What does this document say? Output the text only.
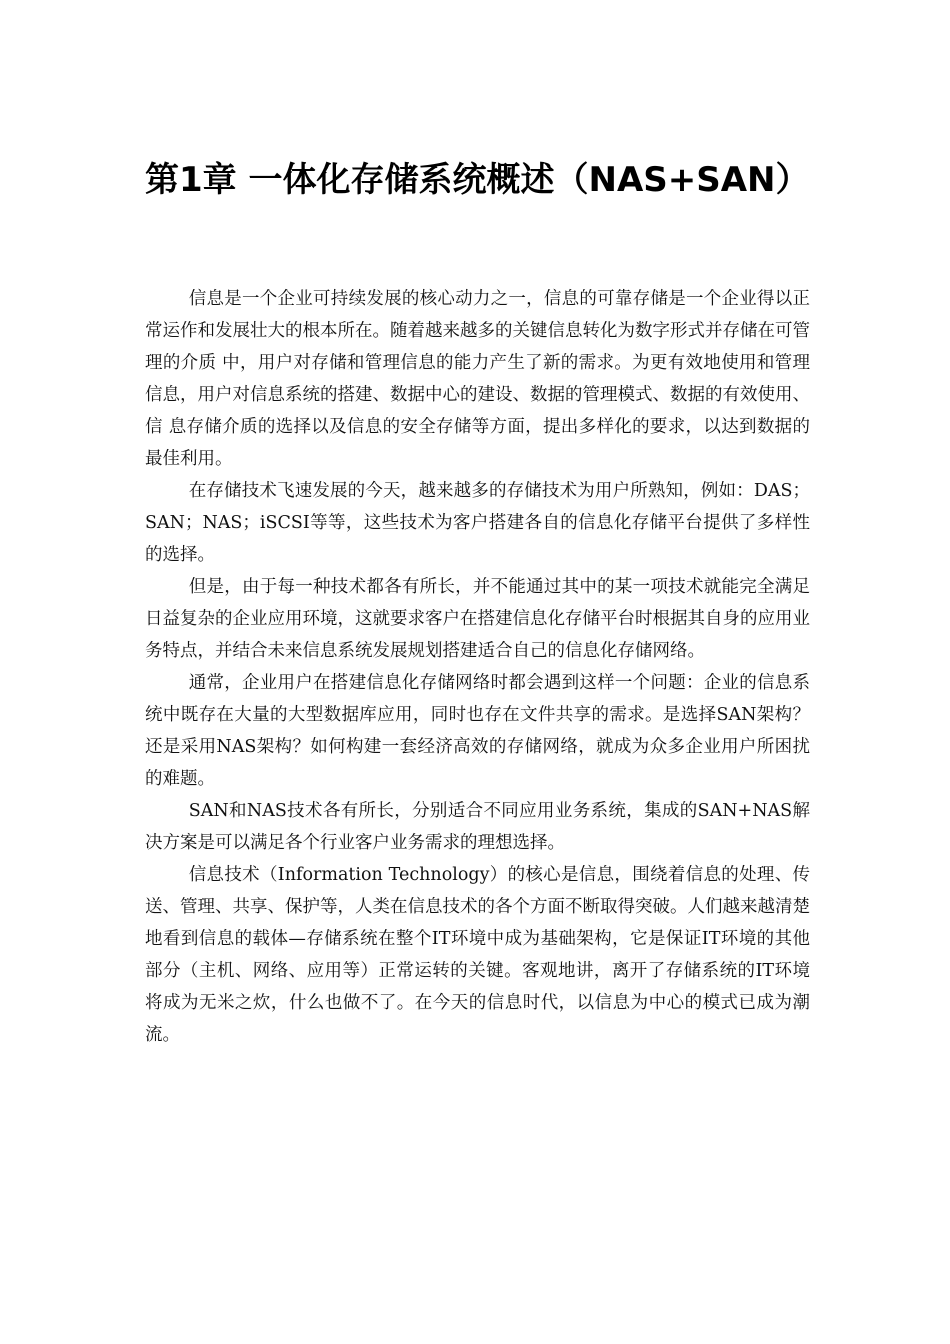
第1章 一体化存储系统概述（NAS+SAN）

信息是一个企业可持续发展的核心动力之一，信息的可靠存储是一个企业得以正常运作和发展壮大的根本所在。随着越来越多的关键信息转化为数字形式并存储在可管理的介质 中，用户对存储和管理信息的能力产生了新的需求。为更有效地使用和管理信息，用户对信息系统的搭建、数据中心的建设、数据的管理模式、数据的有效使用、信 息存储介质的选择以及信息的安全存储等方面，提出多样化的要求，以达到数据的最佳利用。

在存储技术飞速发展的今天，越来越多的存储技术为用户所熟知，例如：DAS；SAN；NAS；iSCSI等等，这些技术为客户搭建各自的信息化存储平台提供了多样性的选择。

但是，由于每一种技术都各有所长，并不能通过其中的某一项技术就能完全满足日益复杂的企业应用环境，这就要求客户在搭建信息化存储平台时根据其自身的应用业务特点，并结合未来信息系统发展规划搭建适合自己的信息化存储网络。

通常，企业用户在搭建信息化存储网络时都会遇到这样一个问题：企业的信息系统中既存在大量的大型数据库应用，同时也存在文件共享的需求。是选择SAN架构？还是采用NAS架构？如何构建一套经济高效的存储网络，就成为众多企业用户所困扰的难题。

SAN和NAS技术各有所长，分别适合不同应用业务系统，集成的SAN+NAS解决方案是可以满足各个行业客户业务需求的理想选择。

信息技术（Information Technology）的核心是信息，围绕着信息的处理、传送、管理、共享、保护等，人类在信息技术的各个方面不断取得突破。人们越来越清楚地看到信息的载体—存储系统在整个IT环境中成为基础架构，它是保证IT环境的其他部分（主机、网络、应用等）正常运转的关键。客观地讲，离开了存储系统的IT环境将成为无米之炊，什么也做不了。在今天的信息时代，以信息为中心的模式已成为潮流。
